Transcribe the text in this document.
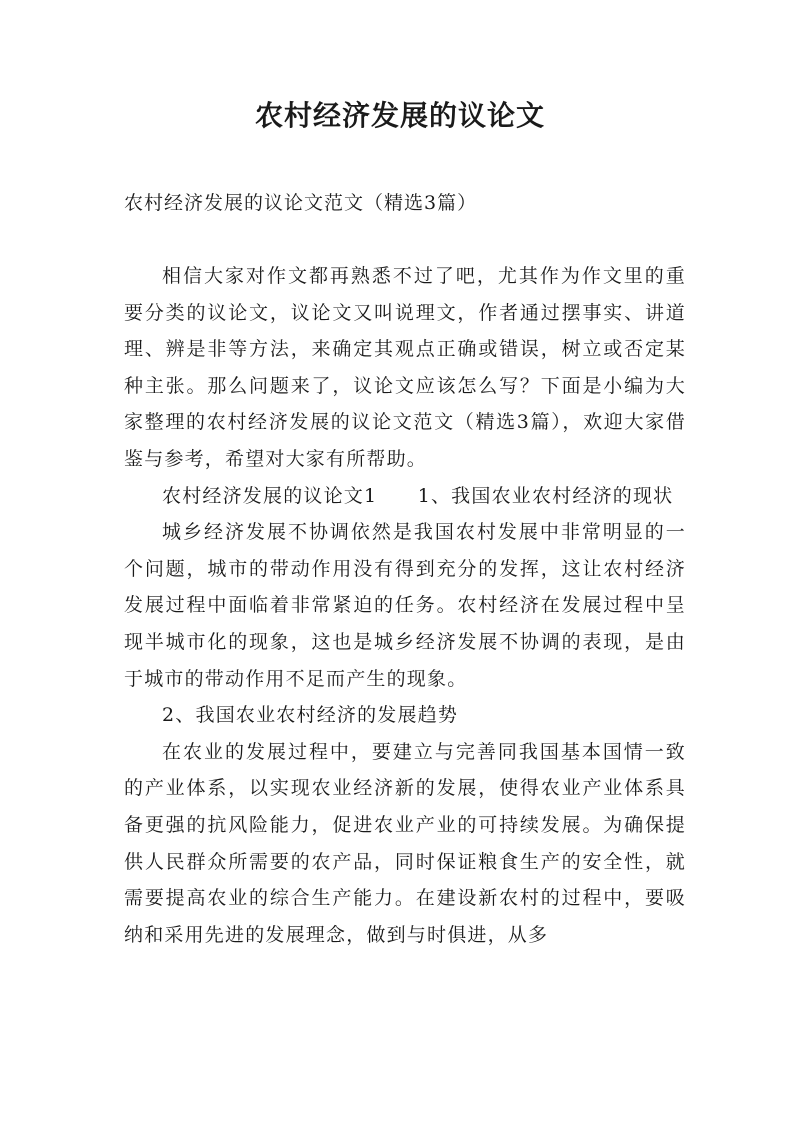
农村经济发展的议论文
农村经济发展的议论文范文（精选3篇）

相信大家对作文都再熟悉不过了吧，尤其作为作文里的重要分类的议论文，议论文又叫说理文，作者通过摆事实、讲道理、辨是非等方法，来确定其观点正确或错误，树立或否定某种主张。那么问题来了，议论文应该怎么写？下面是小编为大家整理的农村经济发展的议论文范文（精选3篇），欢迎大家借鉴与参考，希望对大家有所帮助。

农村经济发展的议论文1　　1、我国农业农村经济的现状

城乡经济发展不协调依然是我国农村发展中非常明显的一个问题，城市的带动作用没有得到充分的发挥，这让农村经济发展过程中面临着非常紧迫的任务。农村经济在发展过程中呈现半城市化的现象，这也是城乡经济发展不协调的表现，是由于城市的带动作用不足而产生的现象。

2、我国农业农村经济的发展趋势

在农业的发展过程中，要建立与完善同我国基本国情一致的产业体系，以实现农业经济新的发展，使得农业产业体系具备更强的抗风险能力，促进农业产业的可持续发展。为确保提供人民群众所需要的农产品，同时保证粮食生产的安全性，就需要提高农业的综合生产能力。在建设新农村的过程中，要吸纳和采用先进的发展理念，做到与时俱进，从多
